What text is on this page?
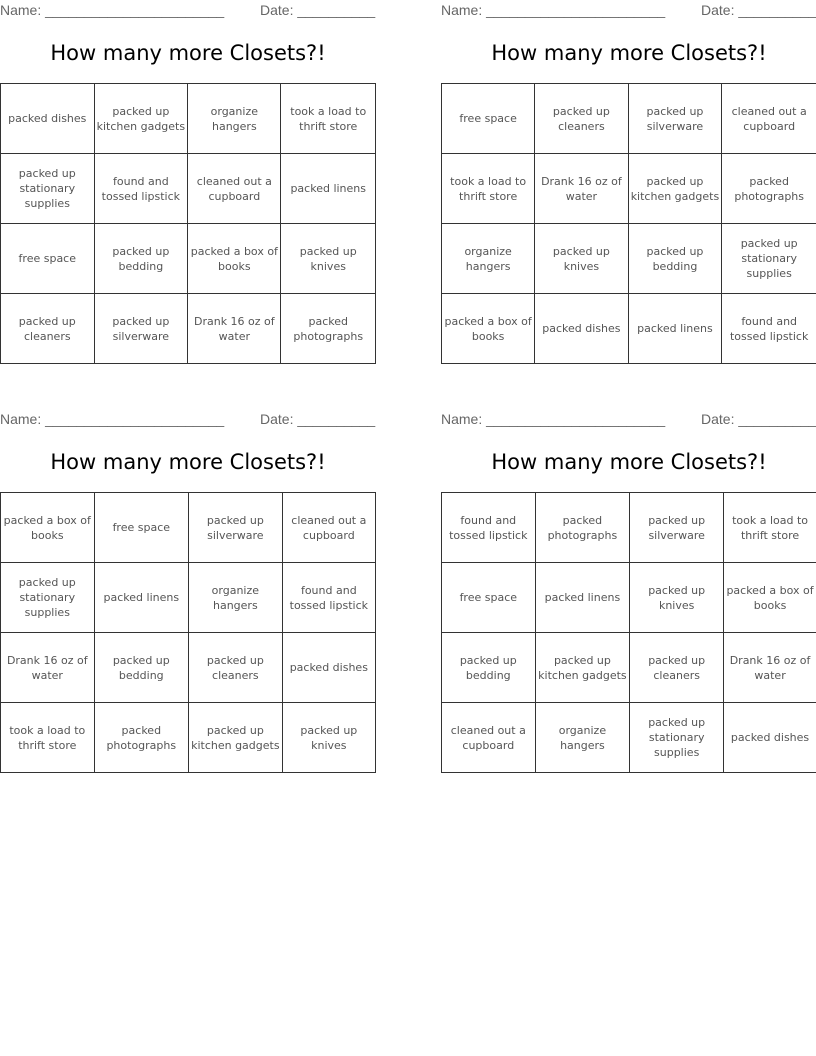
Name: _______________________	Date: __________
How many more Closets?!
packed dishes	packed up kitchen gadgets	organize hangers	took a load to thrift store
packed up stationary supplies	found and tossed lipstick	cleaned out a cupboard	packed linens
free space	packed up bedding	packed a box of books	packed up knives
packed up cleaners	packed up silverware	Drank 16 oz of water	packed photographs
Name: _______________________	Date: __________
How many more Closets?!
free space	packed up cleaners	packed up silverware	cleaned out a cupboard
took a load to thrift store	Drank 16 oz of water	packed up kitchen gadgets	packed photographs
organize hangers	packed up knives	packed up bedding	packed up stationary supplies
packed a box of books	packed dishes	packed linens	found and tossed lipstick
Name: _______________________	Date: __________
How many more Closets?!
packed a box of books	free space	packed up silverware	cleaned out a cupboard
packed up stationary supplies	packed linens	organize hangers	found and tossed lipstick
Drank 16 oz of water	packed up bedding	packed up cleaners	packed dishes
took a load to thrift store	packed photographs	packed up kitchen gadgets	packed up knives
Name: _______________________	Date: __________
How many more Closets?!
found and tossed lipstick	packed photographs	packed up silverware	took a load to thrift store
free space	packed linens	packed up knives	packed a box of books
packed up bedding	packed up kitchen gadgets	packed up cleaners	Drank 16 oz of water
cleaned out a cupboard	organize hangers	packed up stationary supplies	packed dishes
